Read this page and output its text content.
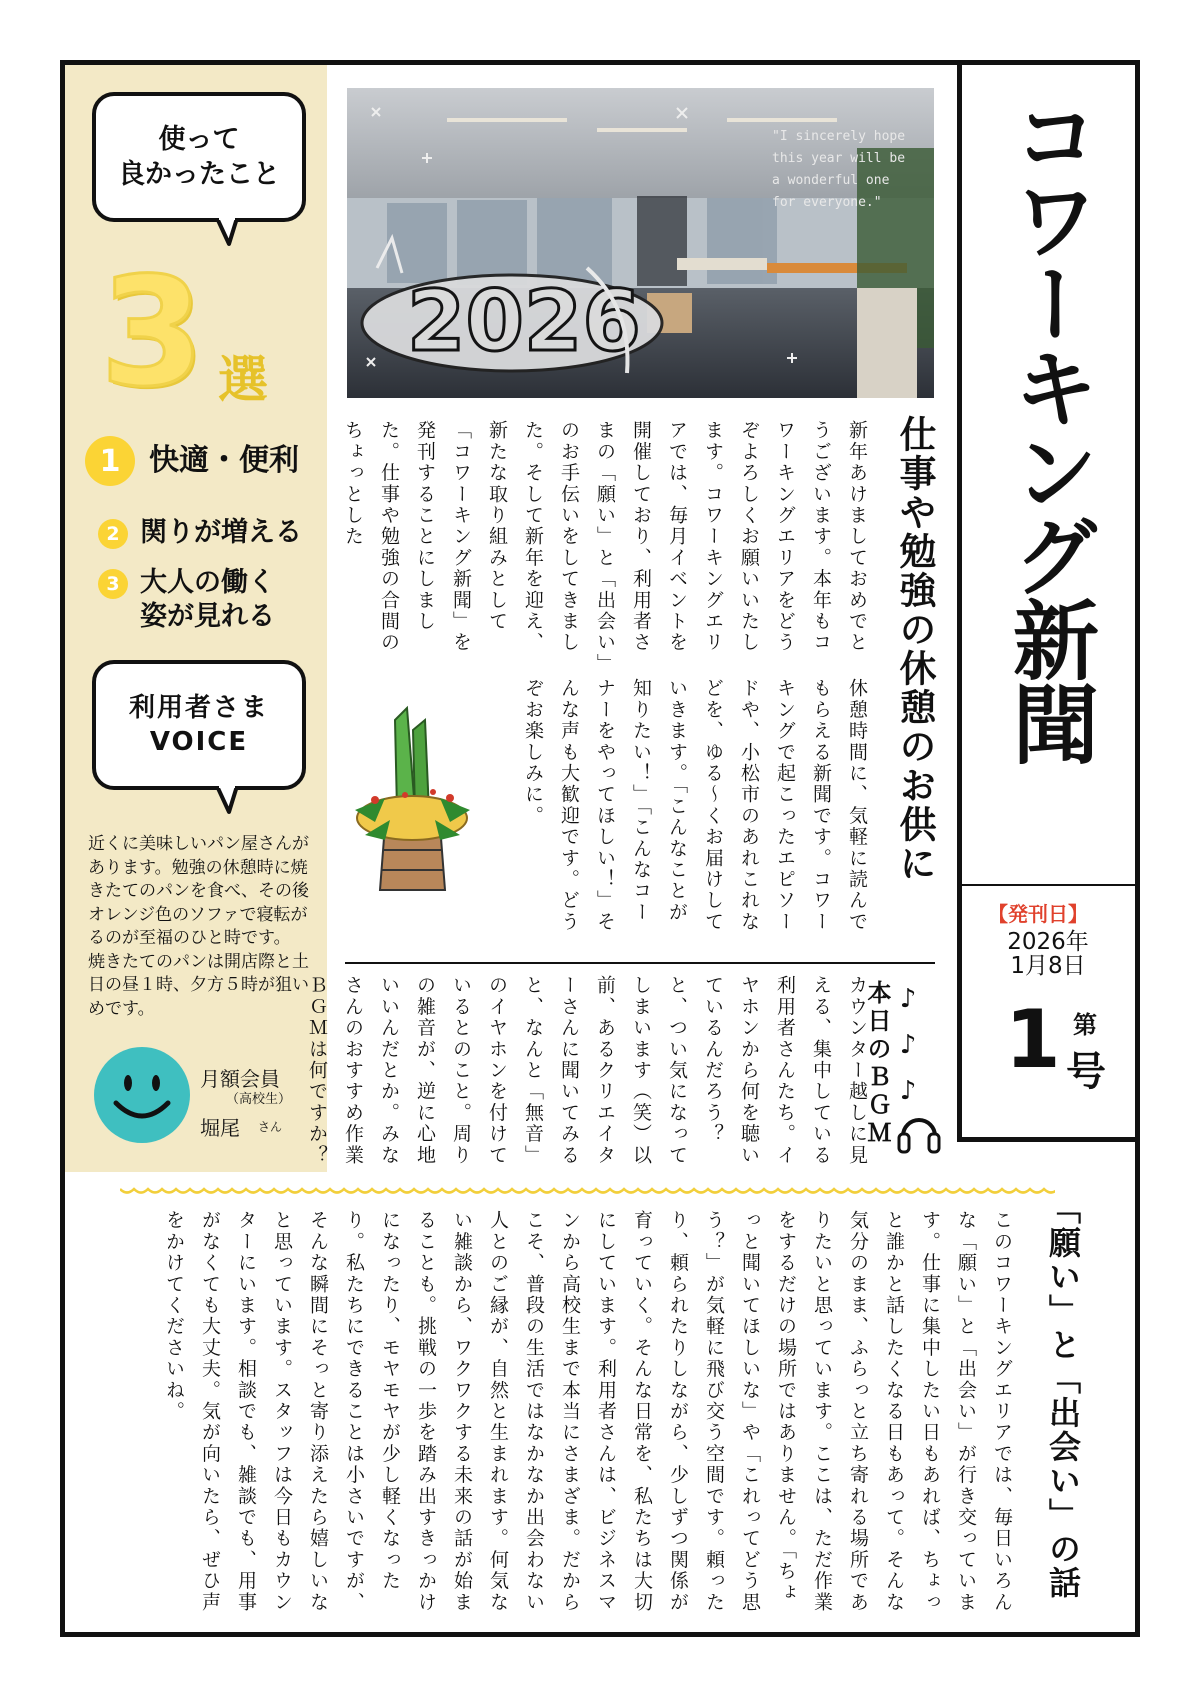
使って
良かったこと
3 選
1 快適・便利
2 関りが増える
3 大人の働く
姿が見れる
利用者さま
VOICE
近くに美味しいパン屋さんがあります。勉強の休憩時に焼きたてのパンを食べ、その後オレンジ色のソファで寝転がるのが至福のひと時です。
焼きたてのパンは開店際と土日の昼１時、夕方５時が狙いめです。
月額会員
（高校生）
堀尾 さん
2026
"I sincerely hope
this year will be
a wonderful one
for everyone."	コワーキング新聞
【発刊日】
2026年
1月8日
1 第
号
仕事や勉強の休憩のお供に
新年あけましておめでとうございます。本年もコワーキングエリアをどうぞよろしくお願いいたします。コワーキングエリアでは、毎月イベントを開催しており、利用者さまの「願い」と「出会い」のお手伝いをしてきました。そして新年を迎え、新たな取り組みとして「コワーキング新聞」を発刊することにしました。仕事や勉強の合間のちょっとした
休憩時間に、気軽に読んでもらえる新聞です。コワーキングで起こったエピソードや、小松市のあれこれなどを、ゆる～くお届けしていきます。「こんなことが知りたい！」「こんなコーナーをやってほしい！」そんな声も大歓迎です。どうぞお楽しみに。
本日のＢＧＭ ♪♪♪
カウンター越しに見える、集中している利用者さんたち。イヤホンから何を聴いているんだろう？と、つい気になってしまいます（笑）以前、あるクリエイターさんに聞いてみると、なんと「無音」のイヤホンを付けているとのこと。周りの雑音が、逆に心地いいんだとか。みなさんのおすすめ作業ＢＧＭは何ですか？
「願い」と「出会い」の話
このコワーキングエリアでは、毎日いろんな「願い」と「出会い」が行き交っています。仕事に集中したい日もあれば、ちょっと誰かと話したくなる日もあって。そんな気分のまま、ふらっと立ち寄れる場所でありたいと思っています。ここは、ただ作業をするだけの場所ではありません。「ちょっと聞いてほしいな」や「これってどう思う？」が気軽に飛び交う空間です。頼ったり、頼られたりしながら、少しずつ関係が育っていく。そんな日常を、私たちは大切にしています。利用者さんは、ビジネスマンから高校生まで本当にさまざま。だからこそ、普段の生活ではなかなか出会わない人とのご縁が、自然と生まれます。何気ない雑談から、ワクワクする未来の話が始まることも。挑戦の一歩を踏み出すきっかけになったり、モヤモヤが少し軽くなったり。私たちにできることは小さいですが、そんな瞬間にそっと寄り添えたら嬉しいなと思っています。スタッフは今日もカウンターにいます。相談でも、雑談でも、用事がなくても大丈夫。気が向いたら、ぜひ声をかけてくださいね。
